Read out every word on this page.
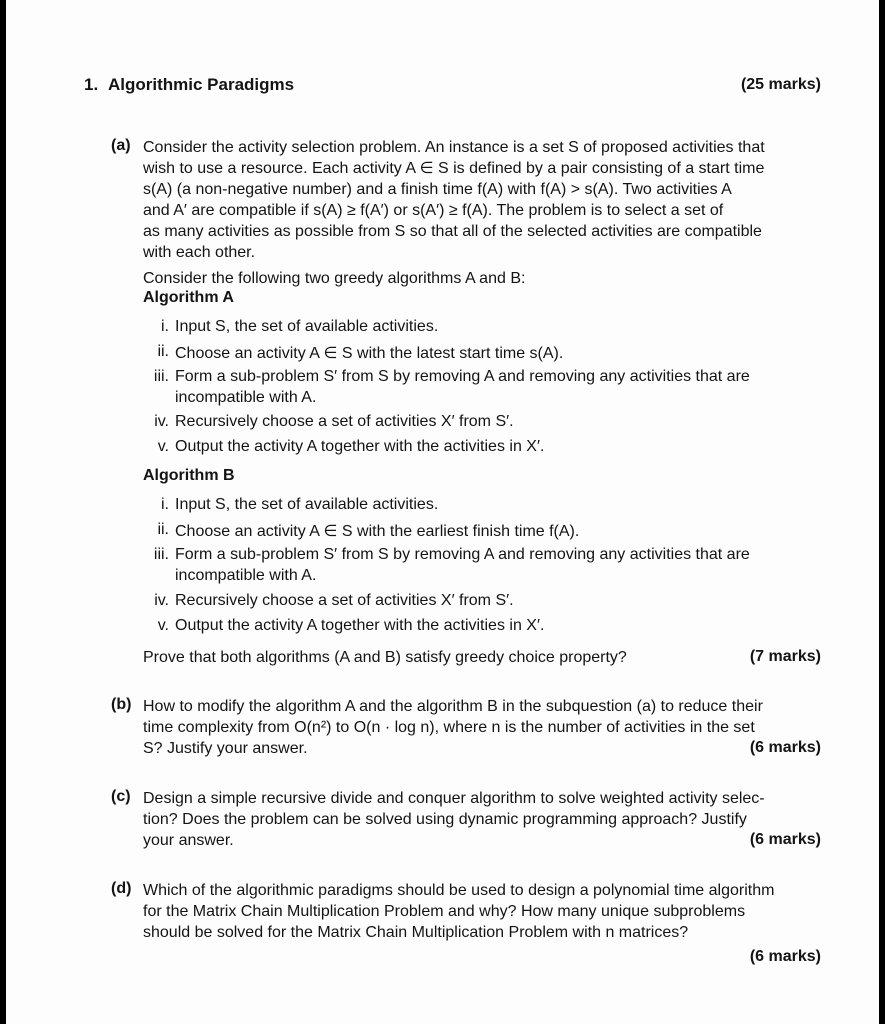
1. Algorithmic Paradigms	(25 marks)
(a) Consider the activity selection problem. An instance is a set S of proposed activities that
wish to use a resource. Each activity A ∈ S is defined by a pair consisting of a start time
s(A) (a non-negative number) and a finish time f(A) with f(A) > s(A). Two activities A
and A′ are compatible if s(A) ≥ f(A′) or s(A′) ≥ f(A). The problem is to select a set of
as many activities as possible from S so that all of the selected activities are compatible
with each other.
Consider the following two greedy algorithms A and B:
Algorithm A
i. Input S, the set of available activities.
ii. Choose an activity A ∈ S with the latest start time s(A).
iii. Form a sub-problem S′ from S by removing A and removing any activities that are
incompatible with A.
iv. Recursively choose a set of activities X′ from S′.
v. Output the activity A together with the activities in X′.
Algorithm B
i. Input S, the set of available activities.
ii. Choose an activity A ∈ S with the earliest finish time f(A).
iii. Form a sub-problem S′ from S by removing A and removing any activities that are
incompatible with A.
iv. Recursively choose a set of activities X′ from S′.
v. Output the activity A together with the activities in X′.
Prove that both algorithms (A and B) satisfy greedy choice property?	(7 marks)
(b) How to modify the algorithm A and the algorithm B in the subquestion (a) to reduce their
time complexity from O(n²) to O(n · log n), where n is the number of activities in the set
S? Justify your answer.	(6 marks)
(c) Design a simple recursive divide and conquer algorithm to solve weighted activity selec-
tion? Does the problem can be solved using dynamic programming approach? Justify
your answer.	(6 marks)
(d) Which of the algorithmic paradigms should be used to design a polynomial time algorithm
for the Matrix Chain Multiplication Problem and why? How many unique subproblems
should be solved for the Matrix Chain Multiplication Problem with n matrices?
(6 marks)
